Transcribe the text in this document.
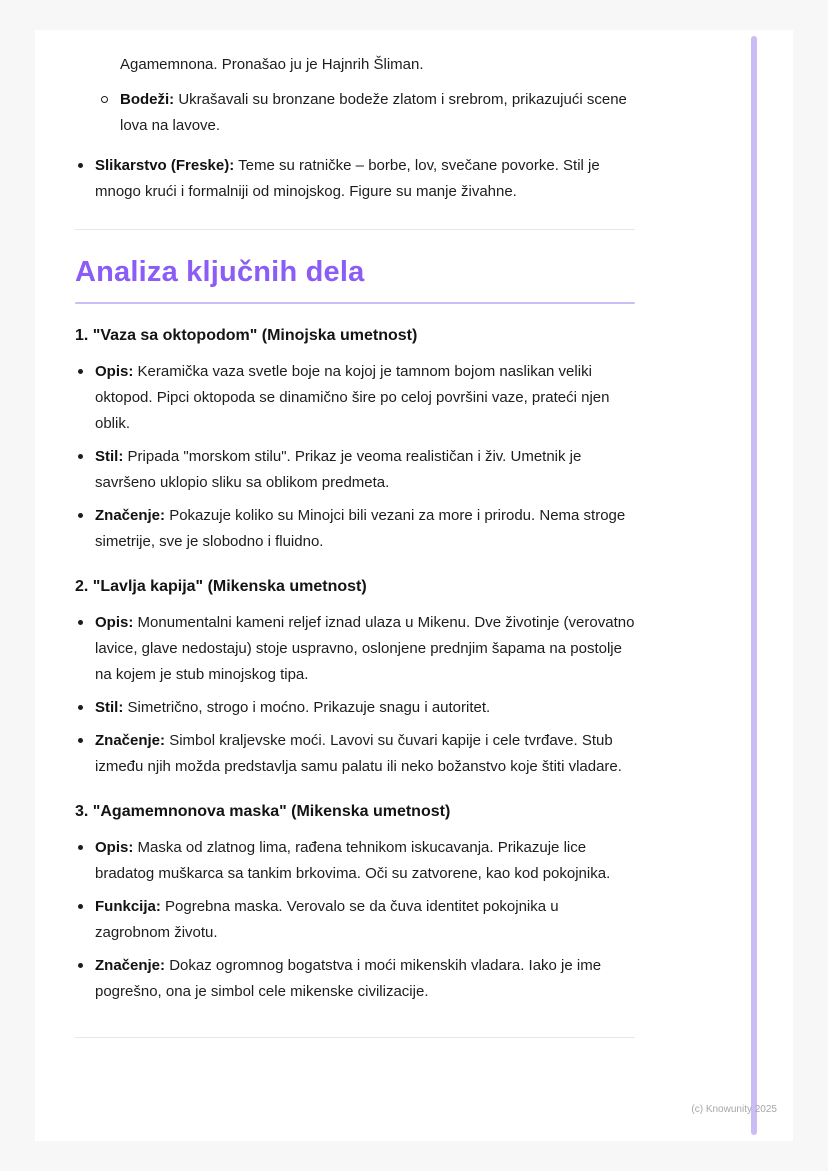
Agamemnona. Pronašao ju je Hajnrih Šliman.
Bodeži: Ukrašavali su bronzane bodeže zlatom i srebrom, prikazujući scene lova na lavove.
Slikarstvo (Freske): Teme su ratničke – borbe, lov, svečane povorke. Stil je mnogo krući i formalniji od minojskog. Figure su manje živahne.
Analiza ključnih dela
1. "Vaza sa oktopodom" (Minojska umetnost)
Opis: Keramička vaza svetle boje na kojoj je tamnom bojom naslikan veliki oktopod. Pipci oktopoda se dinamično šire po celoj površini vaze, prateći njen oblik.
Stil: Pripada "morskom stilu". Prikaz je veoma realističan i živ. Umetnik je savršeno uklopio sliku sa oblikom predmeta.
Značenje: Pokazuje koliko su Minojci bili vezani za more i prirodu. Nema stroge simetrije, sve je slobodno i fluidno.
2. "Lavlja kapija" (Mikenska umetnost)
Opis: Monumentalni kameni reljef iznad ulaza u Mikenu. Dve životinje (verovatno lavice, glave nedostaju) stoje uspravno, oslonjene prednjim šapama na postolje na kojem je stub minojskog tipa.
Stil: Simetrično, strogo i moćno. Prikazuje snagu i autoritet.
Značenje: Simbol kraljevske moći. Lavovi su čuvari kapije i cele tvrđave. Stub između njih možda predstavlja samu palatu ili neko božanstvo koje štiti vladare.
3. "Agamemnonova maska" (Mikenska umetnost)
Opis: Maska od zlatnog lima, rađena tehnikom iskucavanja. Prikazuje lice bradatog muškarca sa tankim brkovima. Oči su zatvorene, kao kod pokojnika.
Funkcija: Pogrebna maska. Verovalo se da čuva identitet pokojnika u zagrobnom životu.
Značenje: Dokaz ogromnog bogatstva i moći mikenskih vladara. Iako je ime pogrešno, ona je simbol cele mikenske civilizacije.
(c) Knowunity 2025
